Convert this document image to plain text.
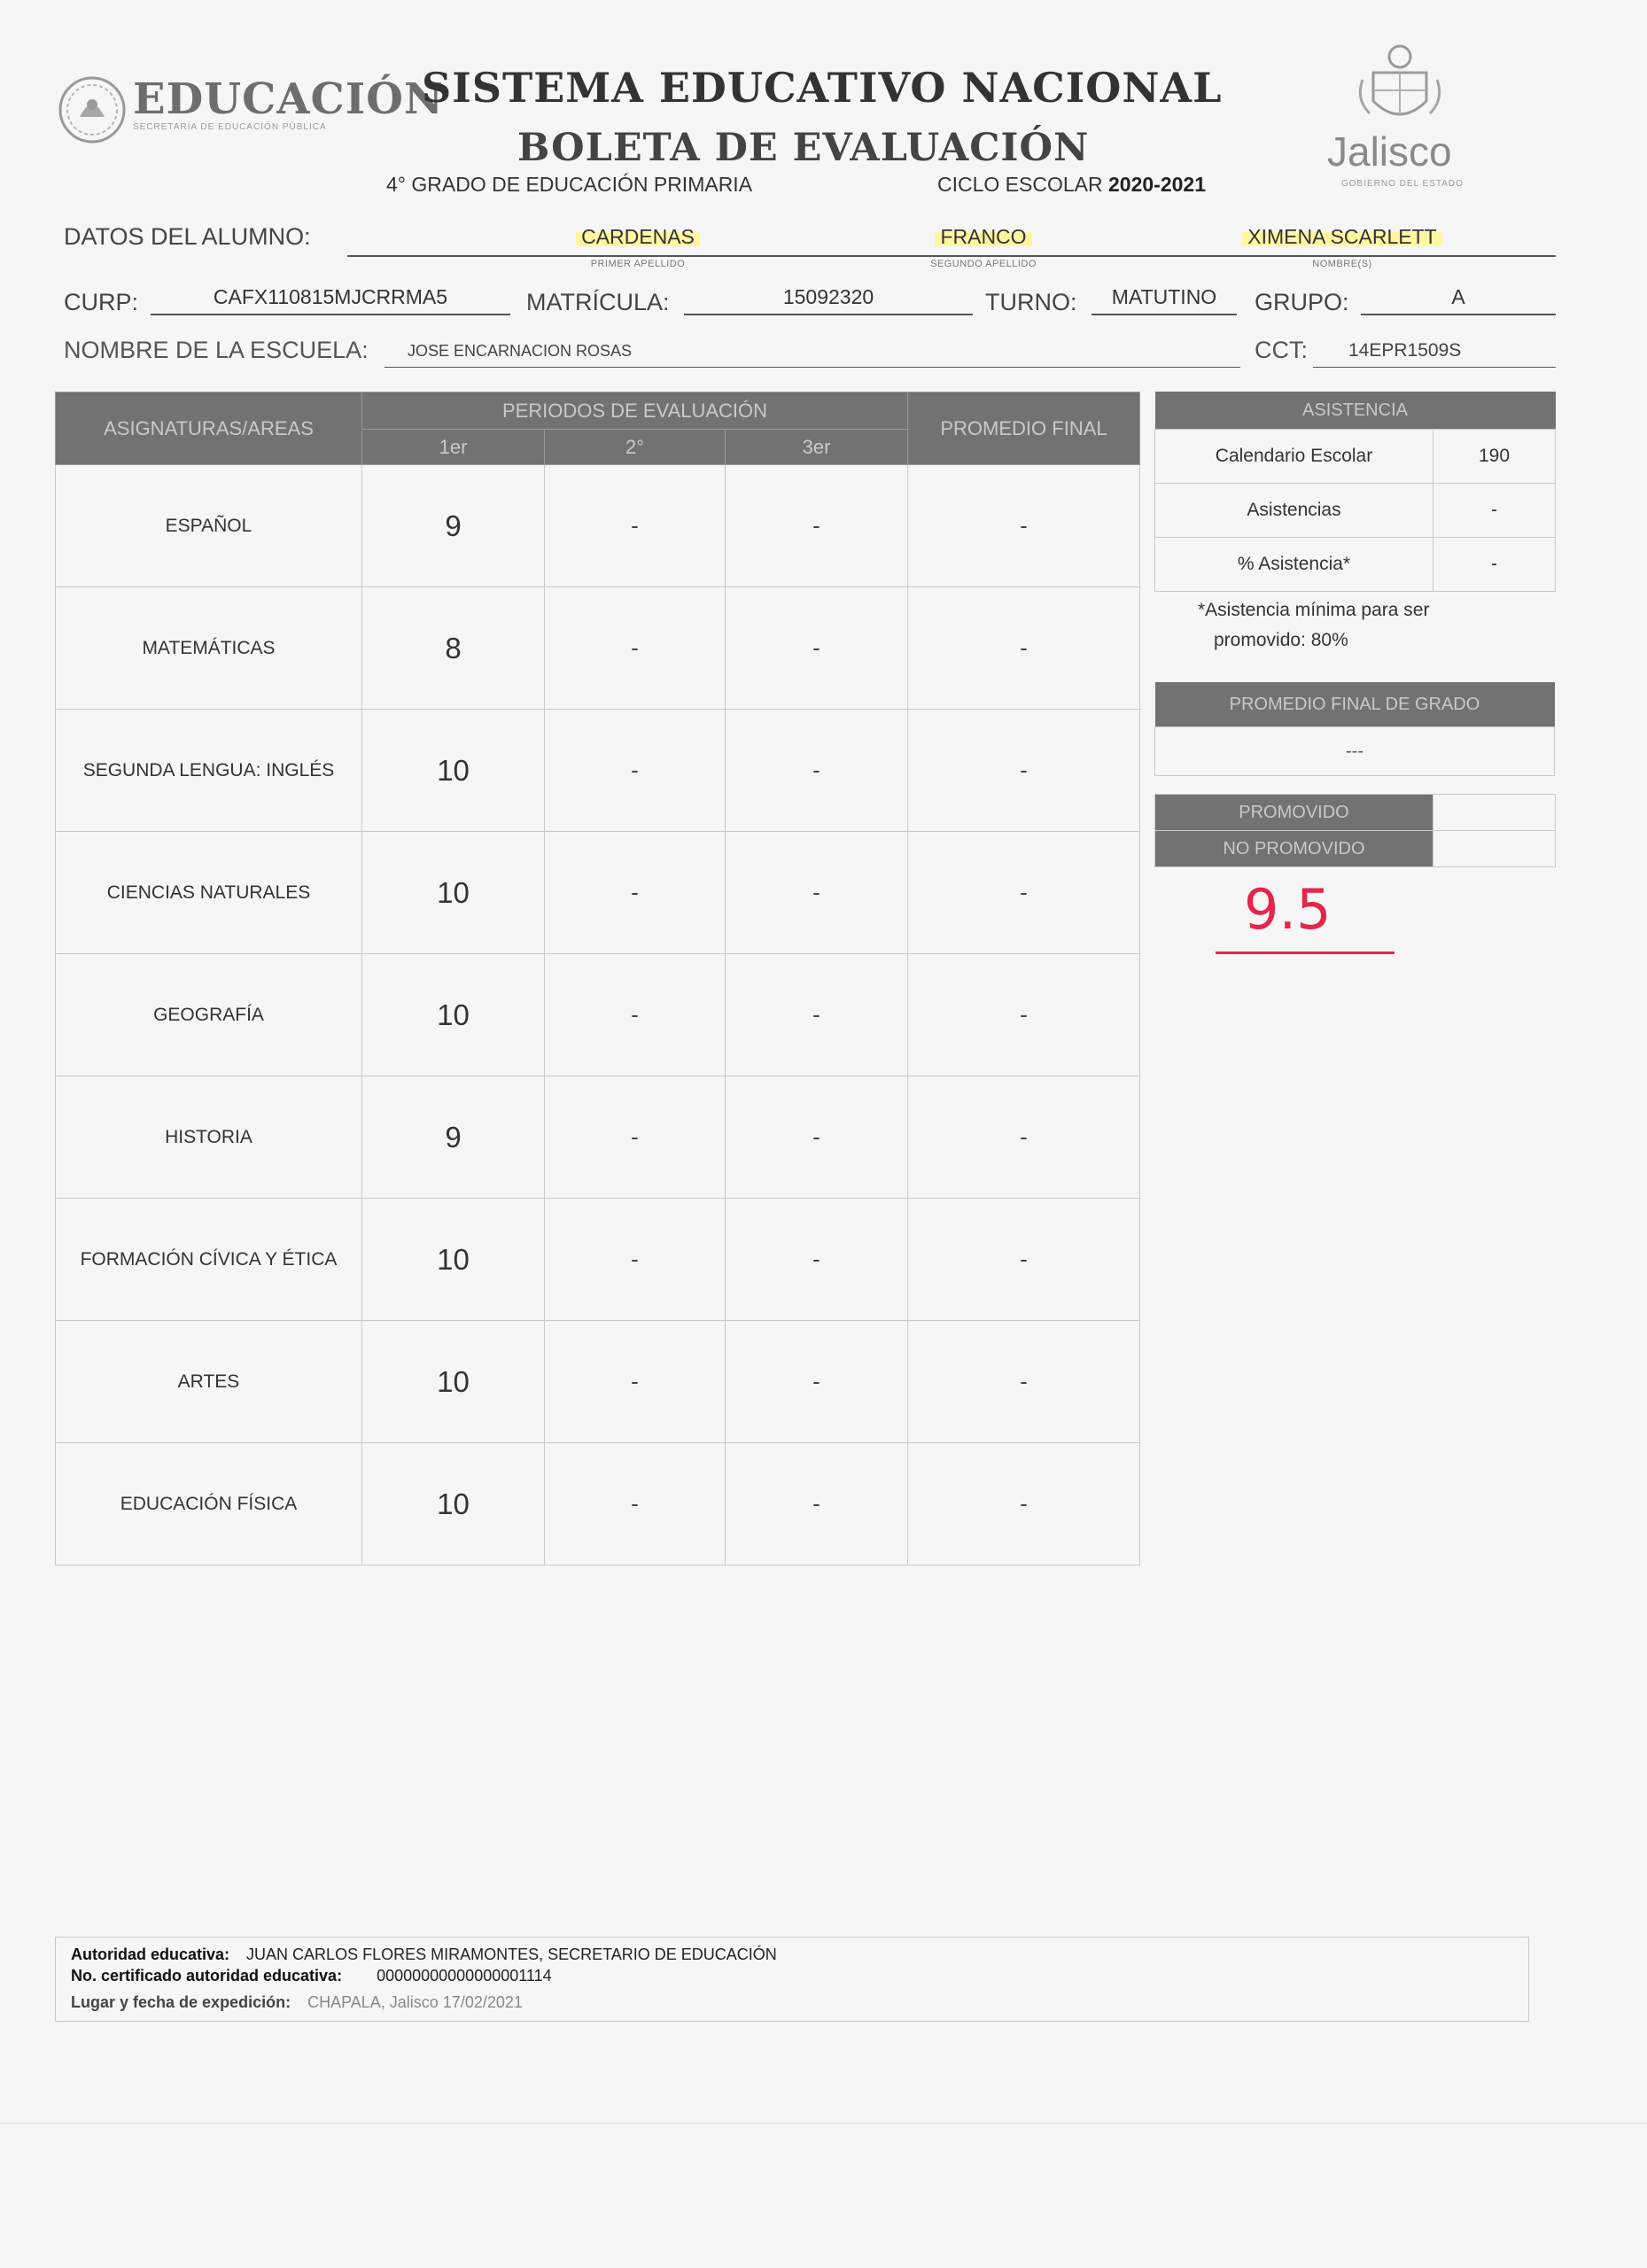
EDUCACIÓN
SECRETARÍA DE EDUCACIÓN PÚBLICA
SISTEMA EDUCATIVO NACIONAL
BOLETA DE EVALUACIÓN
4° GRADO DE EDUCACIÓN PRIMARIA	CICLO ESCOLAR 2020-2021
Jalisco
GOBIERNO DEL ESTADO
DATOS DEL ALUMNO:	CARDENAS
PRIMER APELLIDO
FRANCO
SEGUNDO APELLIDO
XIMENA SCARLETT
NOMBRE(S)
CURP:	CAFX110815MJCRRMA5	MATRÍCULA:	15092320	TURNO:	MATUTINO	GRUPO:	A
NOMBRE DE LA ESCUELA: JOSE ENCARNACION ROSAS	CCT: 14EPR1509S
ASIGNATURAS/AREAS	PERIODOS DE EVALUACIÓN			PROMEDIO FINAL
	1er	2°	3er	
ESPAÑOL	9	-	-	-
MATEMÁTICAS	8	-	-	-
SEGUNDA LENGUA: INGLÉS	10	-	-	-
CIENCIAS NATURALES	10	-	-	-
GEOGRAFÍA	10	-	-	-
HISTORIA	9	-	-	-
FORMACIÓN CÍVICA Y ÉTICA	10	-	-	-
ARTES	10	-	-	-
EDUCACIÓN FÍSICA	10	-	-	-
ASISTENCIA	
Calendario Escolar	190
Asistencias	-
% Asistencia*	-
*Asistencia mínima para ser
promovido: 80%
PROMEDIO FINAL DE GRADO
---
PROMOVIDO	
NO PROMOVIDO	
9.5
Autoridad educativa: JUAN CARLOS FLORES MIRAMONTES, SECRETARIO DE EDUCACIÓN
No. certificado autoridad educativa: 00000000000000001114
Lugar y fecha de expedición: CHAPALA, Jalisco 17/02/2021
